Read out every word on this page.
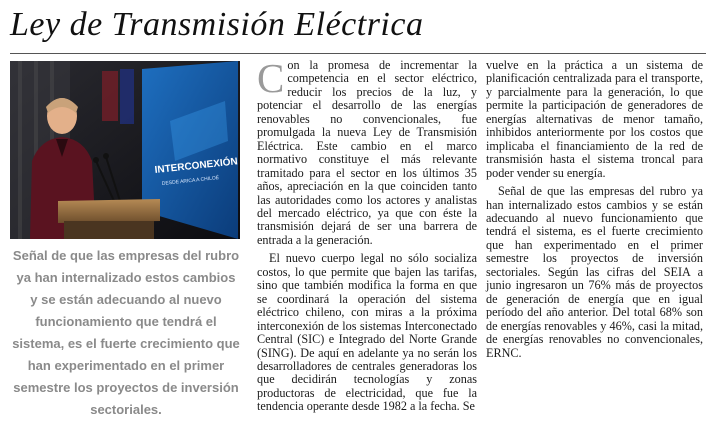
Ley de Transmisión Eléctrica
INTERCONEXIÓN
DESDE ARICA A CHILOÉ
Señal de que las empresas del rubro ya han internalizado estos cambios y se están adecuando al nuevo funcionamiento que tendrá el sistema, es el fuerte crecimiento que han experimentado en el primer semestre los proyectos de inversión sectoriales.

Con la promesa de incrementar la competencia en el sector eléctrico, reducir los precios de la luz, y potenciar el desarrollo de las energías renovables no convencionales, fue promulgada la nueva Ley de Transmisión Eléctrica. Este cambio en el marco normativo constituye el más relevante tramitado para el sector en los últimos 35 años, apreciación en la que coinciden tanto las autoridades como los actores y analistas del mercado eléctrico, ya que con éste la transmisión dejará de ser una barrera de entrada a la generación.

El nuevo cuerpo legal no sólo socializa costos, lo que permite que bajen las tarifas, sino que también modifica la forma en que se coordinará la operación del sistema eléctrico chileno, con miras a la próxima interconexión de los sistemas Interconectado Central (SIC) e Integrado del Norte Grande (SING). De aquí en adelante ya no serán los desarrolladores de centrales generadoras los que decidirán tecnologías y zonas productoras de electricidad, que fue la tendencia operante desde 1982 a la fecha. Se

vuelve en la práctica a un sistema de planificación centralizada para el transporte, y parcialmente para la generación, lo que permite la participación de generadores de energías alternativas de menor tamaño, inhibidos anteriormente por los costos que implicaba el financiamiento de la red de transmisión hasta el sistema troncal para poder vender su energía.

Señal de que las empresas del rubro ya han internalizado estos cambios y se están adecuando al nuevo funcionamiento que tendrá el sistema, es el fuerte crecimiento que han experimentado en el primer semestre los proyectos de inversión sectoriales. Según las cifras del SEIA a junio ingresaron un 76% más de proyectos de generación de energía que en igual período del año anterior. Del total 68% son de energías renovables y 46%, casi la mitad, de energías renovables no convencionales, ERNC.
